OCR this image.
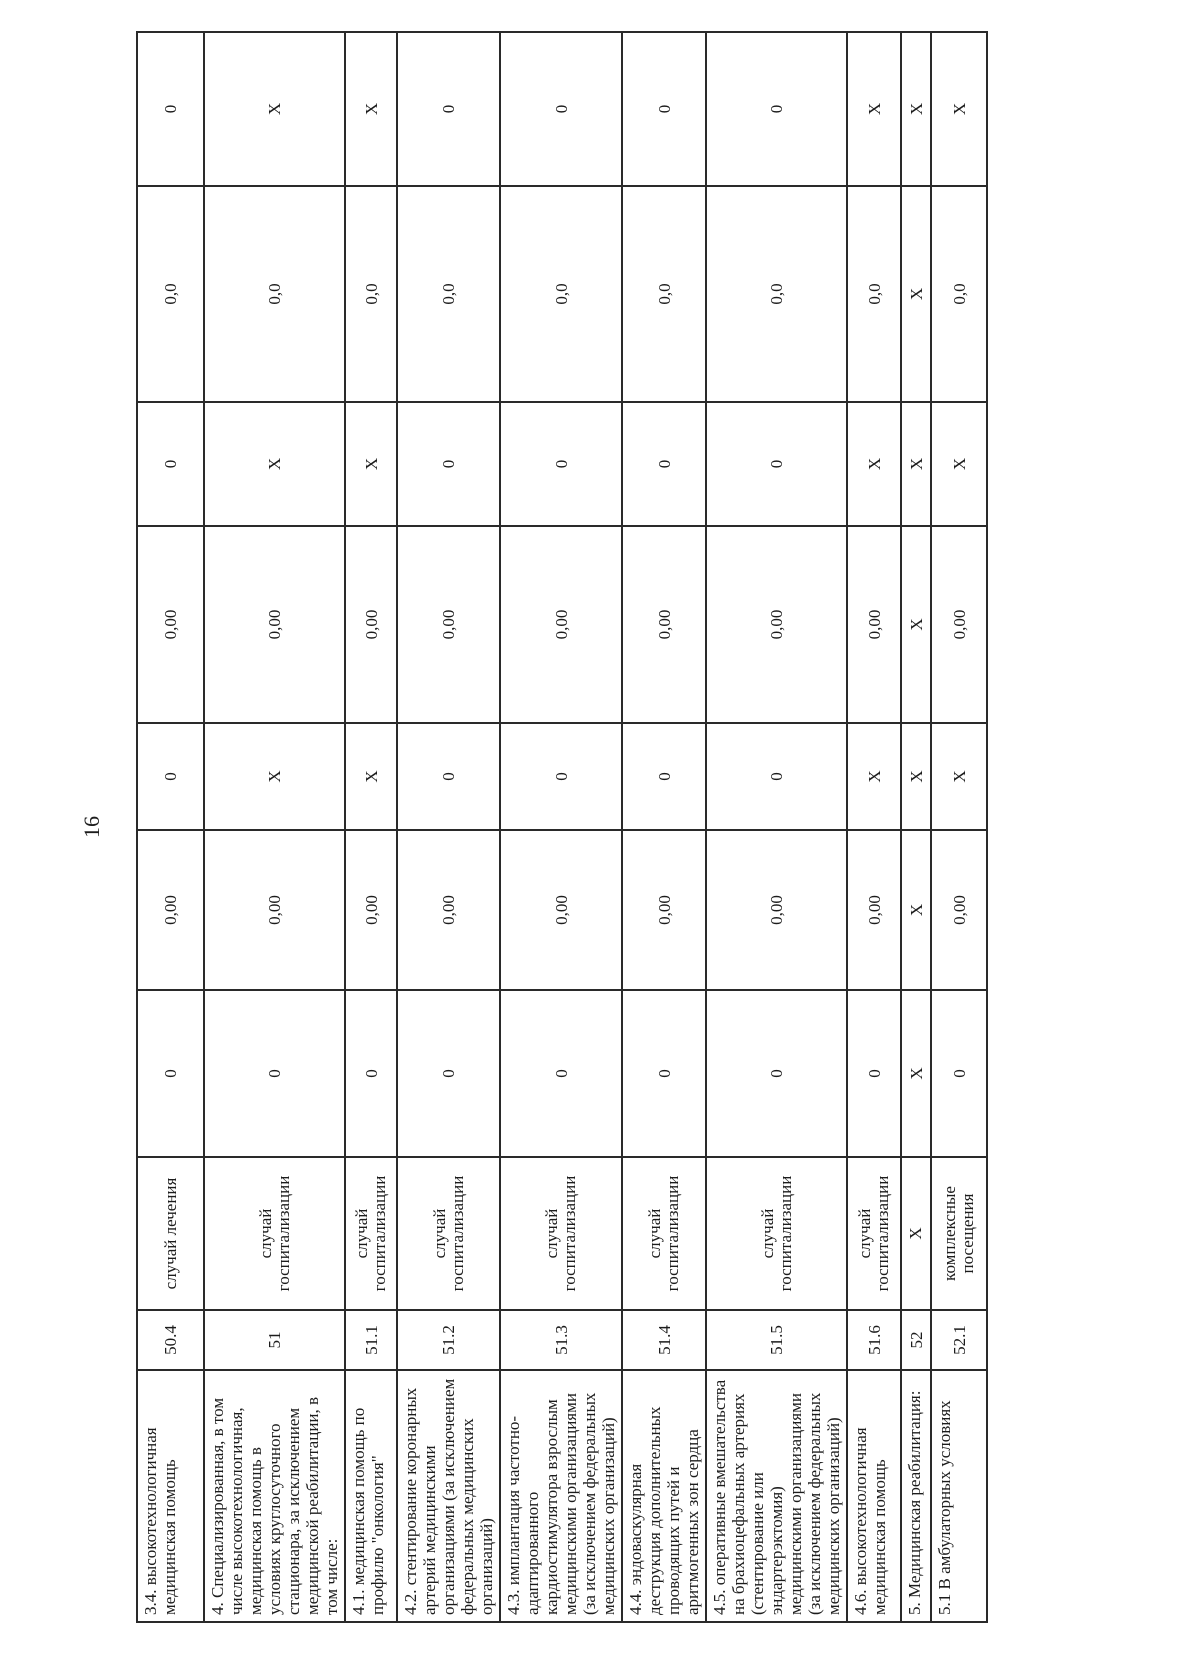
16
3.4. высокотехнологичная медицинская помощь	50.4	случай лечения	0	0,00	0	0,00	0	0,0	0
4. Специализированная, в том числе высокотехнологичная, медицинская помощь в условиях круглосуточного стационара, за исключением медицинской реабилитации, в том числе:	51	случай госпитализации	0	0,00	X	0,00	X	0,0	X
4.1. медицинская помощь по профилю "онкология"	51.1	случай госпитализации	0	0,00	X	0,00	X	0,0	X
4.2. стентирование коронарных артерий медицинскими организациями (за исключением федеральных медицинских организаций)	51.2	случай госпитализации	0	0,00	0	0,00	0	0,0	0
4.3. имплантация частотно-адаптированного кардиостимулятора взрослым медицинскими организациями (за исключением федеральных медицинских организаций)	51.3	случай госпитализации	0	0,00	0	0,00	0	0,0	0
4.4. эндоваскулярная деструкция дополнительных проводящих путей и аритмогенных зон сердца	51.4	случай госпитализации	0	0,00	0	0,00	0	0,0	0
4.5. оперативные вмешательства на брахиоцефальных артериях (стентирование или эндартерэктомия) медицинскими организациями (за исключением федеральных медицинских организаций)	51.5	случай госпитализации	0	0,00	0	0,00	0	0,0	0
4.6. высокотехнологичная медицинская помощь	51.6	случай госпитализации	0	0,00	X	0,00	X	0,0	X
5. Медицинская реабилитация:	52	X	X	X	X	X	X	X	X
5.1 В амбулаторных условиях	52.1	комплексные посещения	0	0,00	X	0,00	X	0,0	X
